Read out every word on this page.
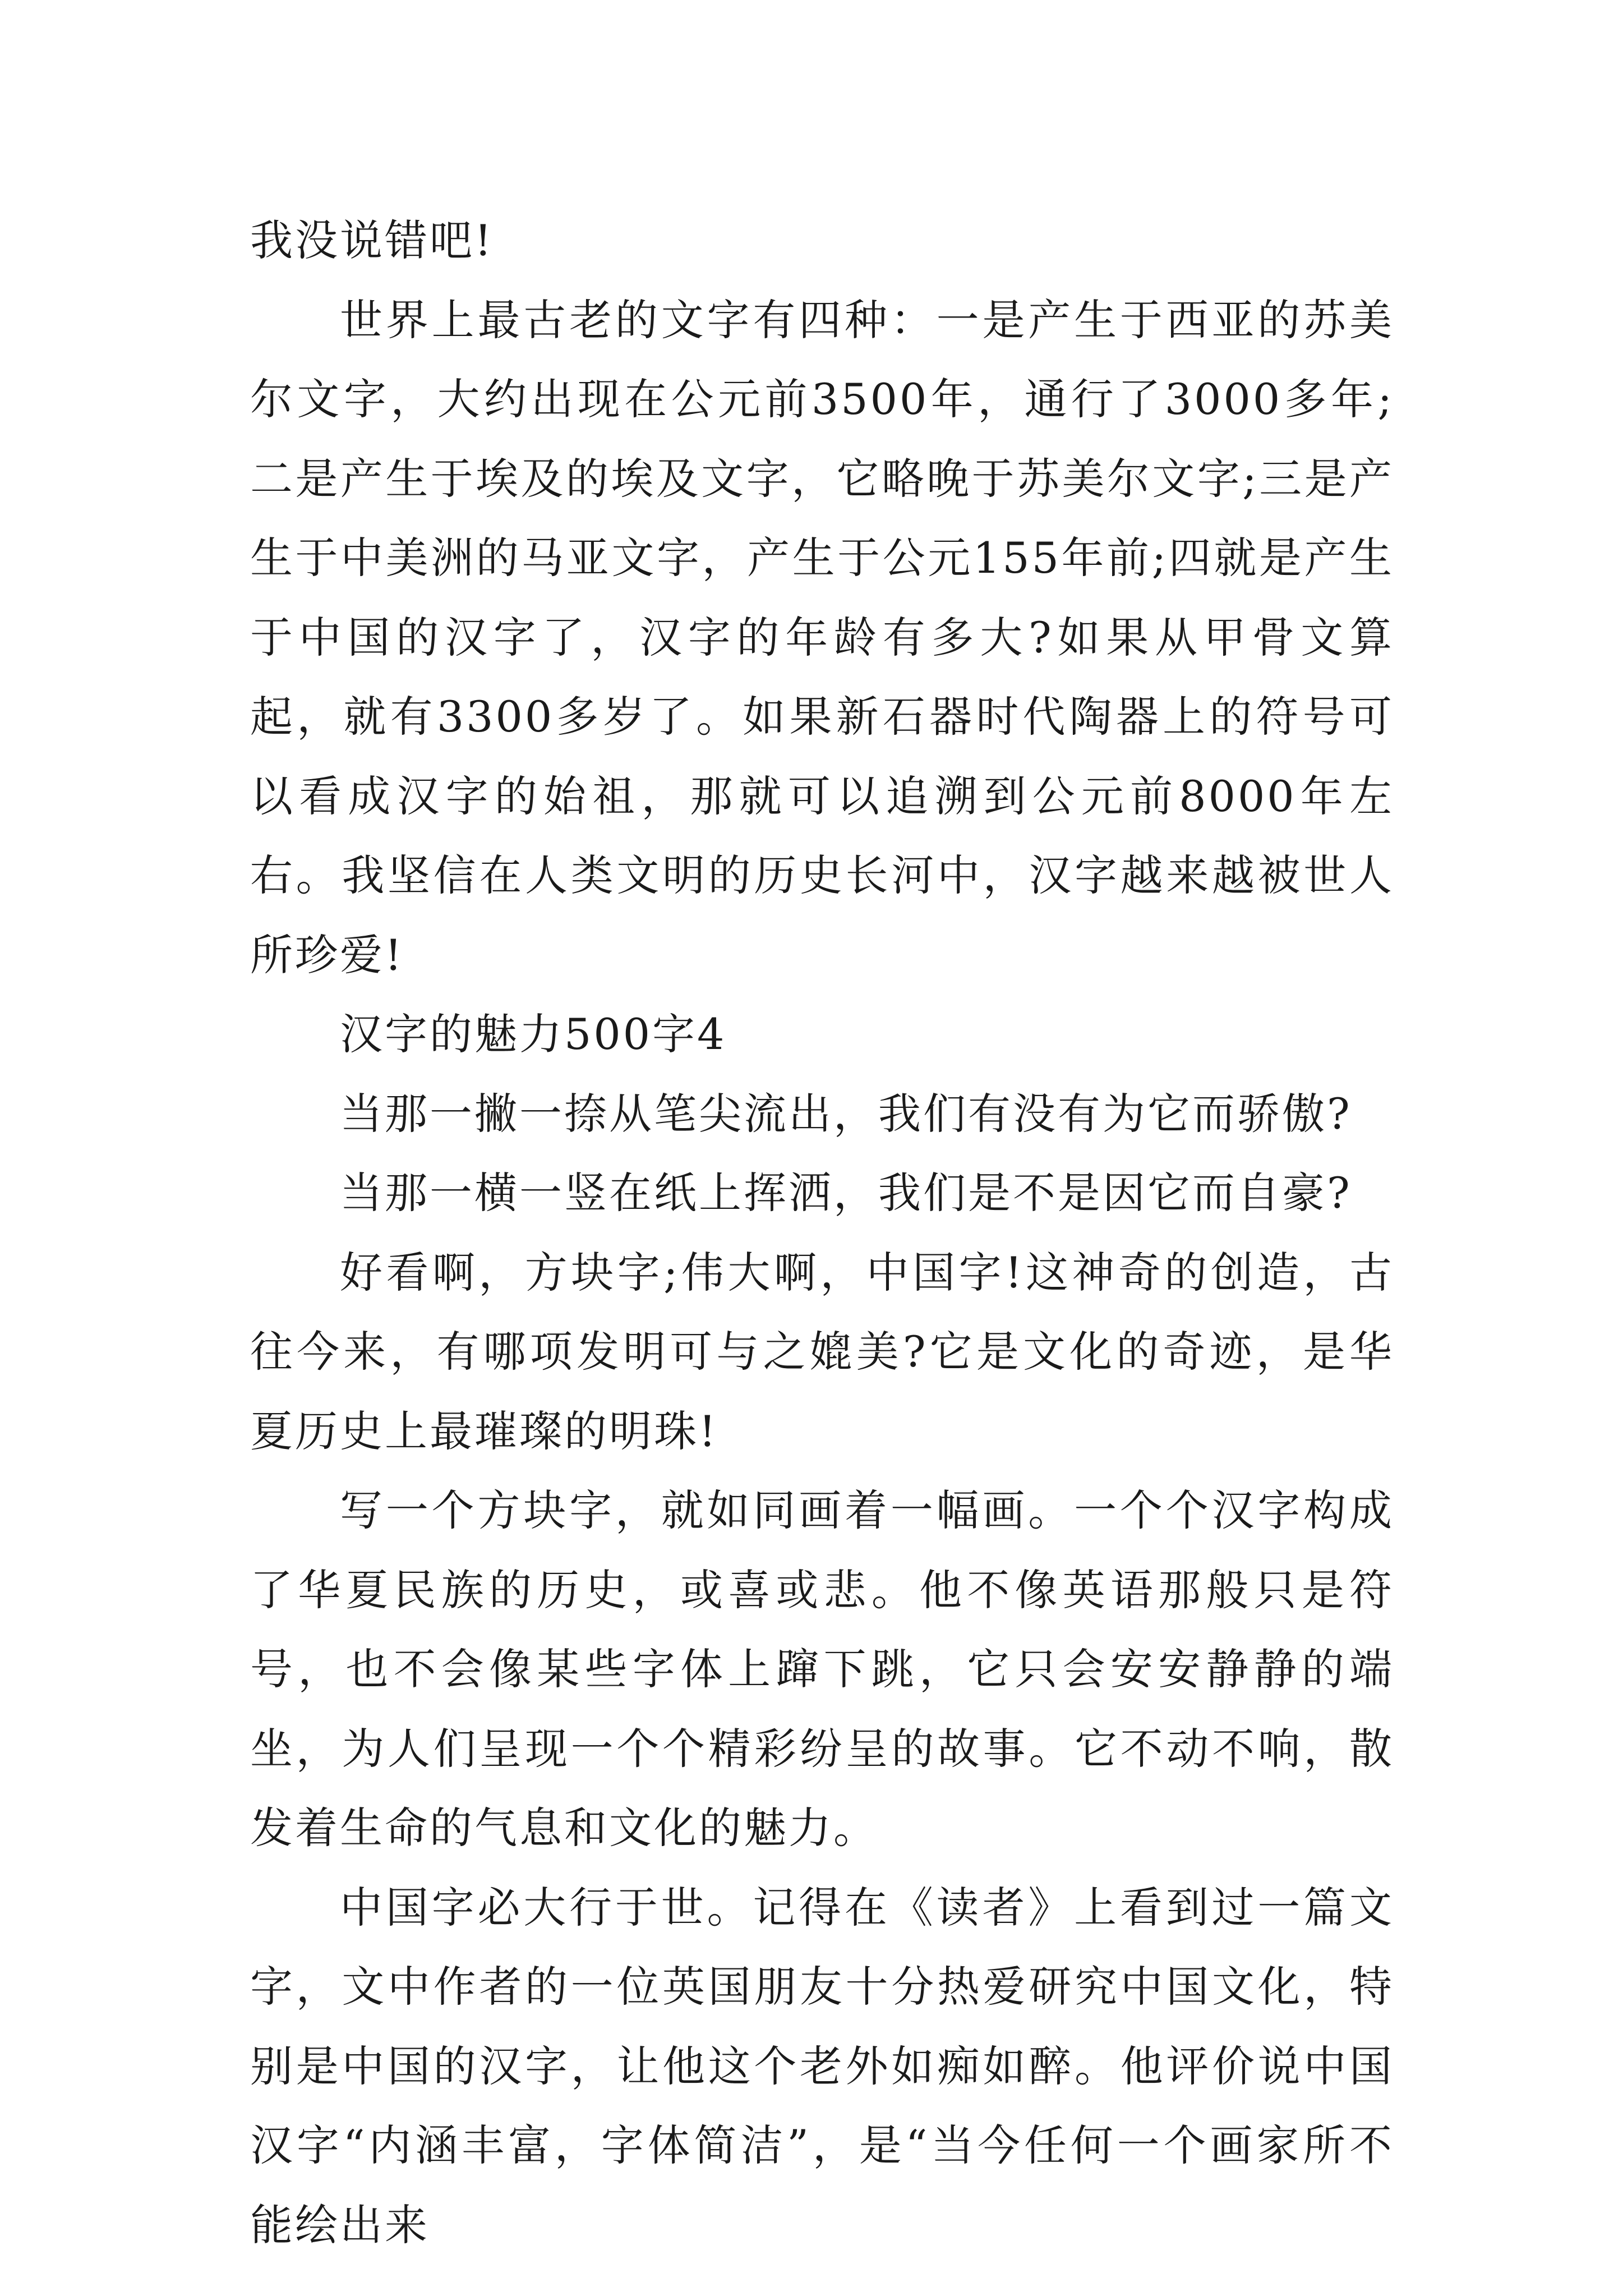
我没说错吧!

世界上最古老的文字有四种：一是产生于西亚的苏美尔文字，大约出现在公元前3500年，通行了3000多年;二是产生于埃及的埃及文字，它略晚于苏美尔文字;三是产生于中美洲的马亚文字，产生于公元155年前;四就是产生于中国的汉字了，汉字的年龄有多大?如果从甲骨文算起，就有3300多岁了。如果新石器时代陶器上的符号可以看成汉字的始祖，那就可以追溯到公元前8000年左右。我坚信在人类文明的历史长河中，汉字越来越被世人所珍爱!

汉字的魅力500字4

当那一撇一捺从笔尖流出，我们有没有为它而骄傲?

当那一横一竖在纸上挥洒，我们是不是因它而自豪?

好看啊，方块字;伟大啊，中国字!这神奇的创造，古往今来，有哪项发明可与之媲美?它是文化的奇迹，是华夏历史上最璀璨的明珠!

写一个方块字，就如同画着一幅画。一个个汉字构成了华夏民族的历史，或喜或悲。他不像英语那般只是符号，也不会像某些字体上蹿下跳，它只会安安静静的端坐，为人们呈现一个个精彩纷呈的故事。它不动不响，散发着生命的气息和文化的魅力。

中国字必大行于世。记得在《读者》上看到过一篇文字，文中作者的一位英国朋友十分热爱研究中国文化，特别是中国的汉字，让他这个老外如痴如醉。他评价说中国汉字“内涵丰富，字体简洁”，是“当今任何一个画家所不能绘出来
